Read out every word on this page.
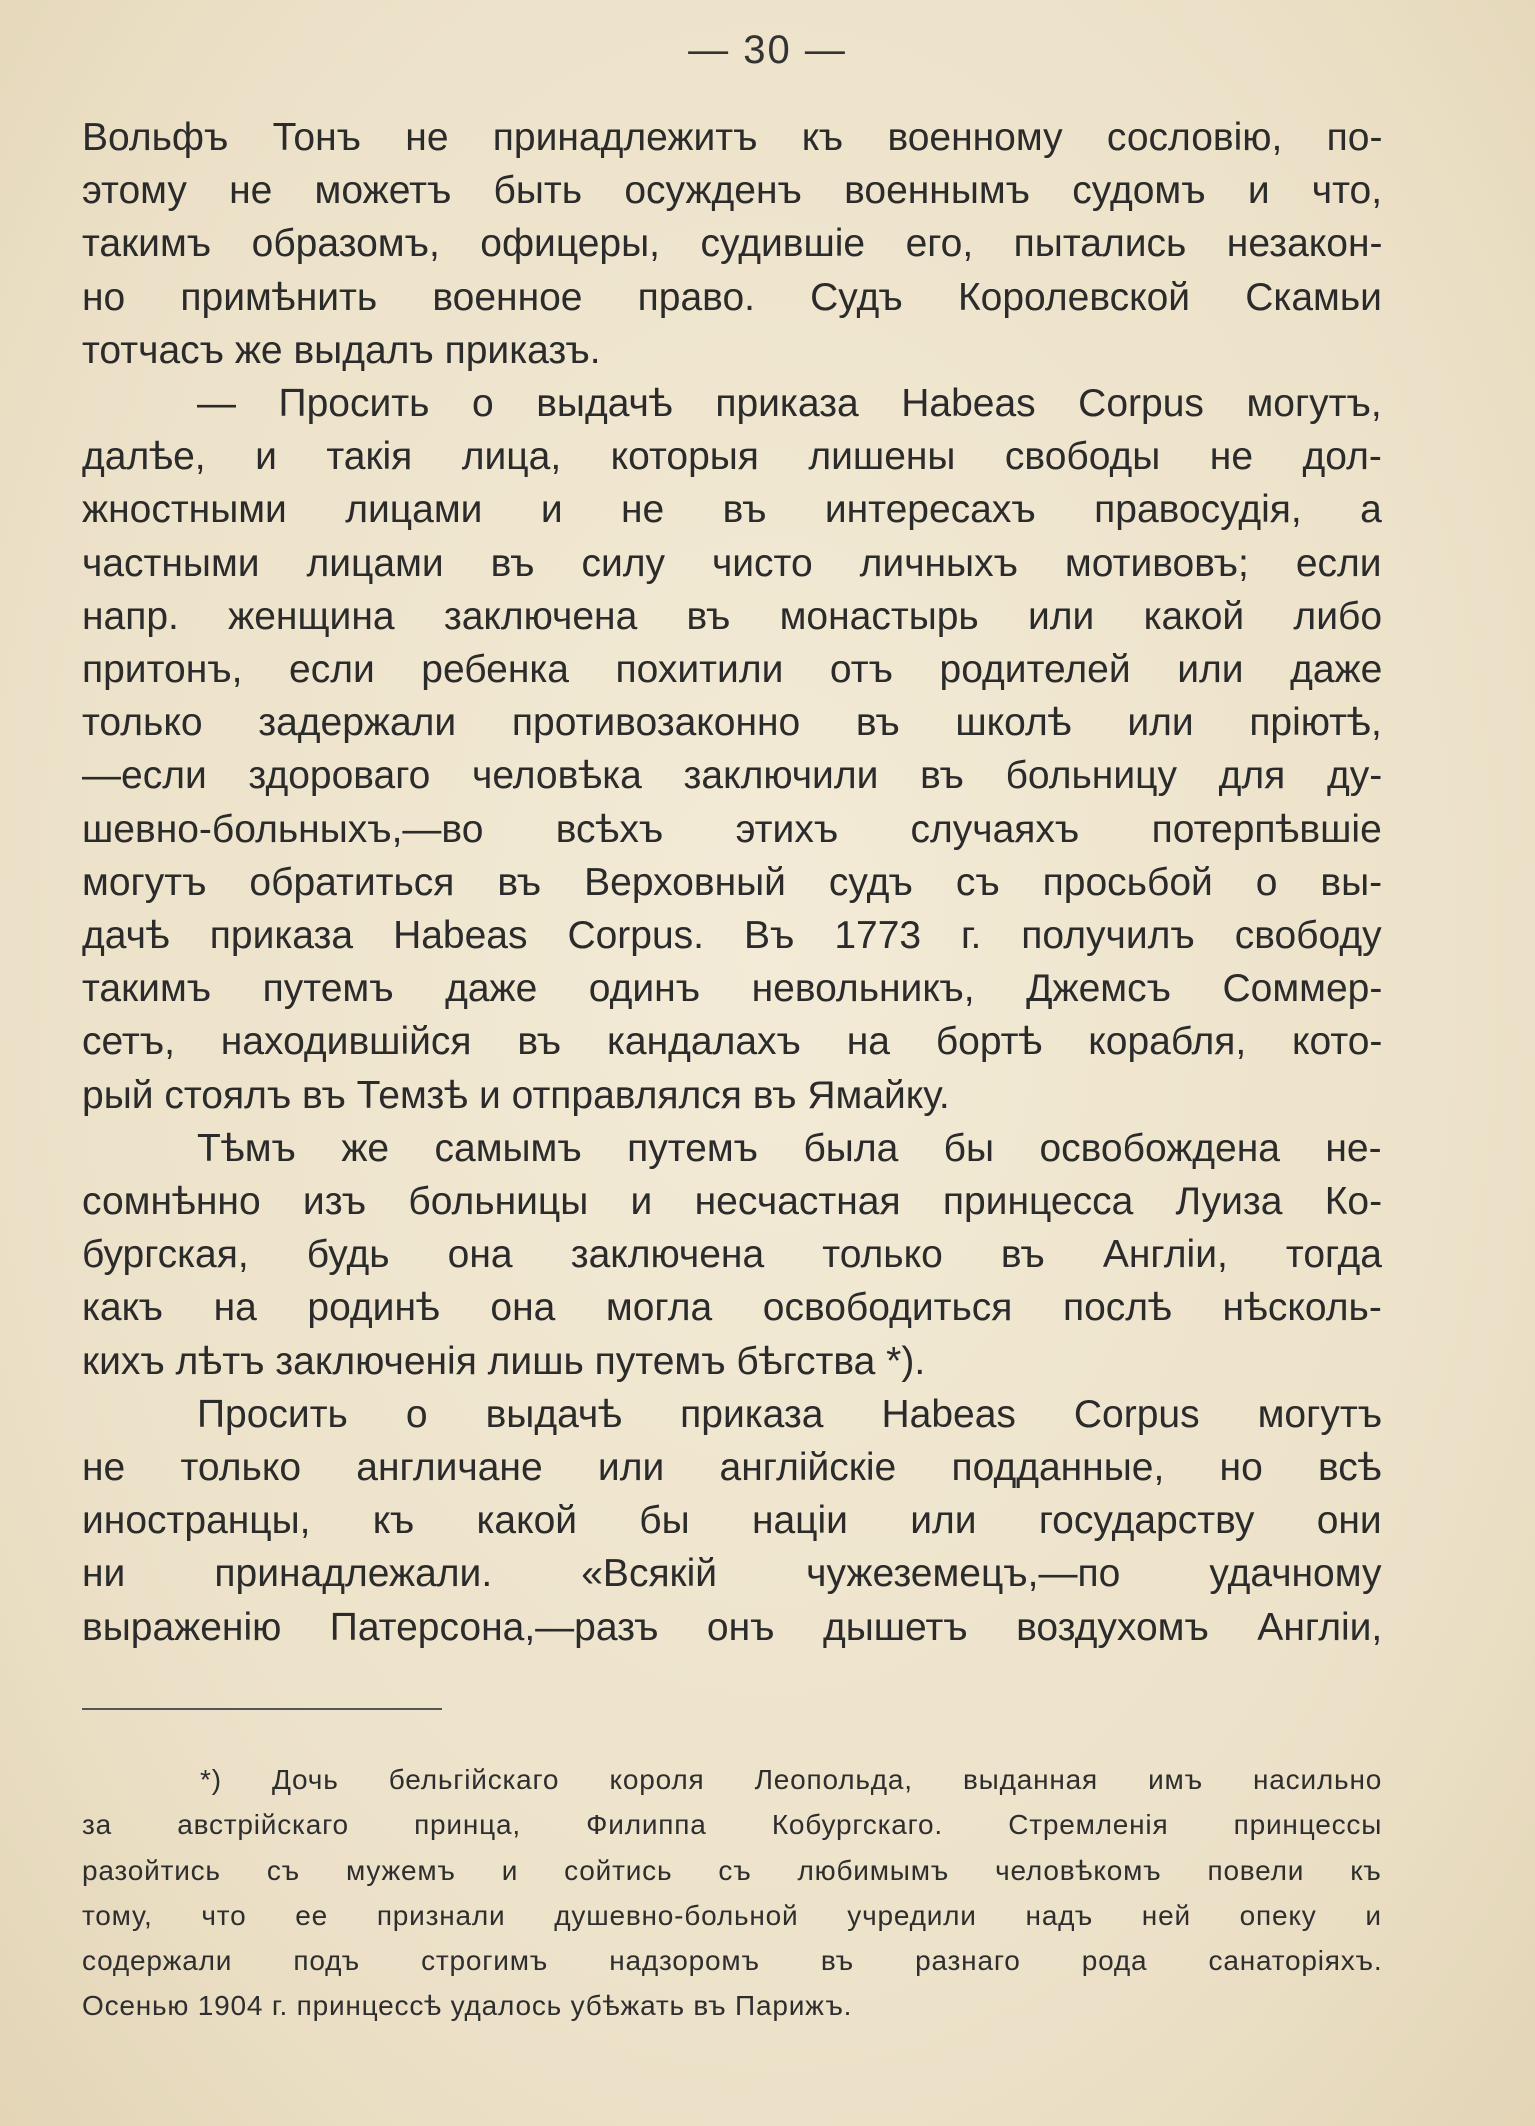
— 30 —
Вольфъ Тонъ не принадлежитъ къ военному сословiю, по-
этому не можетъ быть осужденъ военнымъ судомъ и что,
такимъ образомъ, офицеры, судившiе его, пытались незакон-
но примѣнить военное право. Судъ Королевской Скамьи
тотчасъ же выдалъ приказъ.
— Просить о выдачѣ приказа Habeas Corpus могутъ,
далѣе, и такiя лица, которыя лишены свободы не дол-
жностными лицами и не въ интересахъ правосудiя, а
частными лицами въ силу чисто личныхъ мотивовъ; если
напр. женщина заключена въ монастырь или какой либо
притонъ, если ребенка похитили отъ родителей или даже
только задержали противозаконно въ школѣ или прiютѣ,
—если здороваго человѣка заключили въ больницу для ду-
шевно-больныхъ,—во всѣхъ этихъ случаяхъ потерпѣвшiе
могутъ обратиться въ Верховный судъ съ просьбой о вы-
дачѣ приказа Habeas Corpus. Въ 1773 г. получилъ свободу
такимъ путемъ даже одинъ невольникъ, Джемсъ Соммер-
сетъ, находившiйся въ кандалахъ на бортѣ корабля, кото-
рый стоялъ въ Темзѣ и отправлялся въ Ямайку.
Тѣмъ же самымъ путемъ была бы освобождена не-
сомнѣнно изъ больницы и несчастная принцесса Луиза Ко-
бургская, будь она заключена только въ Англiи, тогда
какъ на родинѣ она могла освободиться послѣ нѣсколь-
кихъ лѣтъ заключенiя лишь путемъ бѣгства *).
Просить о выдачѣ приказа Habeas Corpus могутъ
не только англичане или англiйскiе подданные, но всѣ
иностранцы, къ какой бы нацiи или государству они
ни принадлежали. «Всякiй чужеземецъ,—по удачному
выраженiю Патерсона,—разъ онъ дышетъ воздухомъ Англiи,
*) Дочь бельгiйскаго короля Леопольда, выданная имъ насильно
за австрiйскаго принца, Филиппа Кобургскаго. Стремленiя принцессы
разойтись съ мужемъ и сойтись съ любимымъ человѣкомъ повели къ
тому, что ее признали душевно-больной учредили надъ ней опеку и
содержали подъ строгимъ надзоромъ въ разнаго рода санаторiяхъ.
Осенью 1904 г. принцессѣ удалось убѣжать въ Парижъ.
